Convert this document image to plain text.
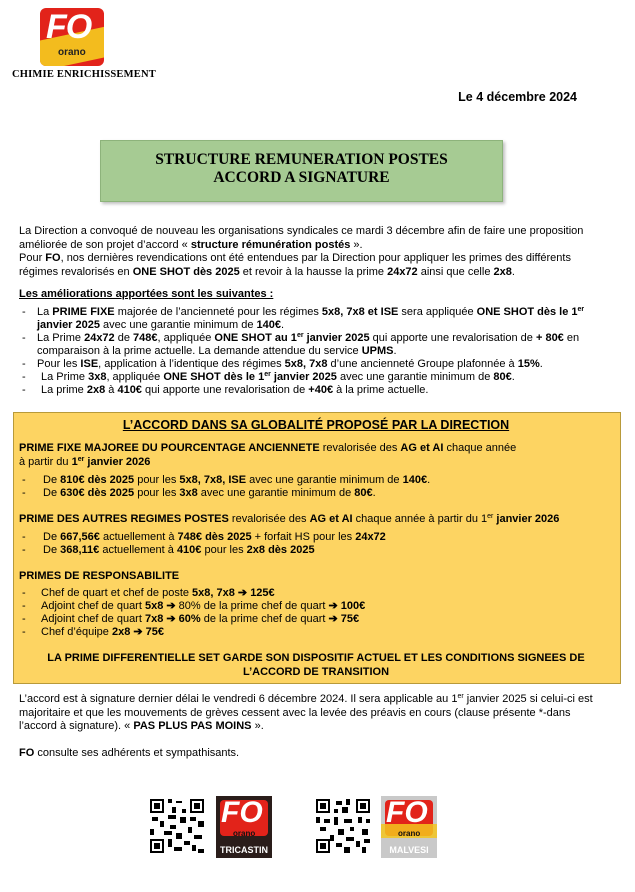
FO
orano
CHIMIE ENRICHISSEMENT
Le 4 décembre 2024
STRUCTURE REMUNERATION POSTES
ACCORD A SIGNATURE
La Direction a convoqué de nouveau les organisations syndicales ce mardi 3 décembre afin de faire une proposition améliorée de son projet d’accord « structure rémunération postés ».
Pour FO, nos dernières revendications ont été entendues par la Direction pour appliquer les primes des différents régimes revalorisés en ONE SHOT dès 2025 et revoir à la hausse la prime 24x72 ainsi que celle 2x8.
Les améliorations apportées sont les suivantes :
- La PRIME FIXE majorée de l’ancienneté pour les régimes 5x8, 7x8 et ISE sera appliquée ONE SHOT dès le 1er janvier 2025 avec une garantie minimum de 140€.
- La Prime 24x72 de 748€, appliquée ONE SHOT au 1er janvier 2025 qui apporte une revalorisation de + 80€ en comparaison à la prime actuelle. La demande attendue du service UPMS.
- Pour les ISE, application à l’identique des régimes 5x8, 7x8 d’une ancienneté Groupe plafonnée à 15%.
- La Prime 3x8, appliquée ONE SHOT dès le 1er janvier 2025 avec une garantie minimum de 80€.
- La prime 2x8 à 410€ qui apporte une revalorisation de +40€ à la prime actuelle.
L’ACCORD DANS SA GLOBALITÉ PROPOSÉ PAR LA DIRECTION
PRIME FIXE MAJOREE DU POURCENTAGE ANCIENNETE revalorisée des AG et AI chaque année
à partir du 1er janvier 2026
- De 810€ dès 2025 pour les 5x8, 7x8, ISE avec une garantie minimum de 140€.
- De 630€ dès 2025 pour les 3x8 avec une garantie minimum de 80€.
PRIME DES AUTRES REGIMES POSTES revalorisée des AG et AI chaque année à partir du 1er janvier 2026
- De 667,56€ actuellement à 748€ dès 2025 + forfait HS pour les 24x72
- De 368,11€ actuellement à 410€ pour les 2x8 dès 2025
PRIMES DE RESPONSABILITE
- Chef de quart et chef de poste 5x8, 7x8 ➔ 125€
- Adjoint chef de quart 5x8 ➔ 80% de la prime chef de quart ➔ 100€
- Adjoint chef de quart 7x8 ➔ 60% de la prime chef de quart ➔ 75€
- Chef d’équipe 2x8 ➔ 75€
LA PRIME DIFFERENTIELLE SET GARDE SON DISPOSITIF ACTUEL ET LES CONDITIONS SIGNEES DE
L’ACCORD DE TRANSITION
L’accord est à signature dernier délai le vendredi 6 décembre 2024. Il sera applicable au 1er janvier 2025 si celui-ci est majoritaire et que les mouvements de grèves cessent avec la levée des préavis en cours (clause présente *-dans l’accord à signature). « PAS PLUS PAS MOINS ».
FO consulte ses adhérents et sympathisants.
FO
orano
TRICASTIN
FO
orano
MALVESI
